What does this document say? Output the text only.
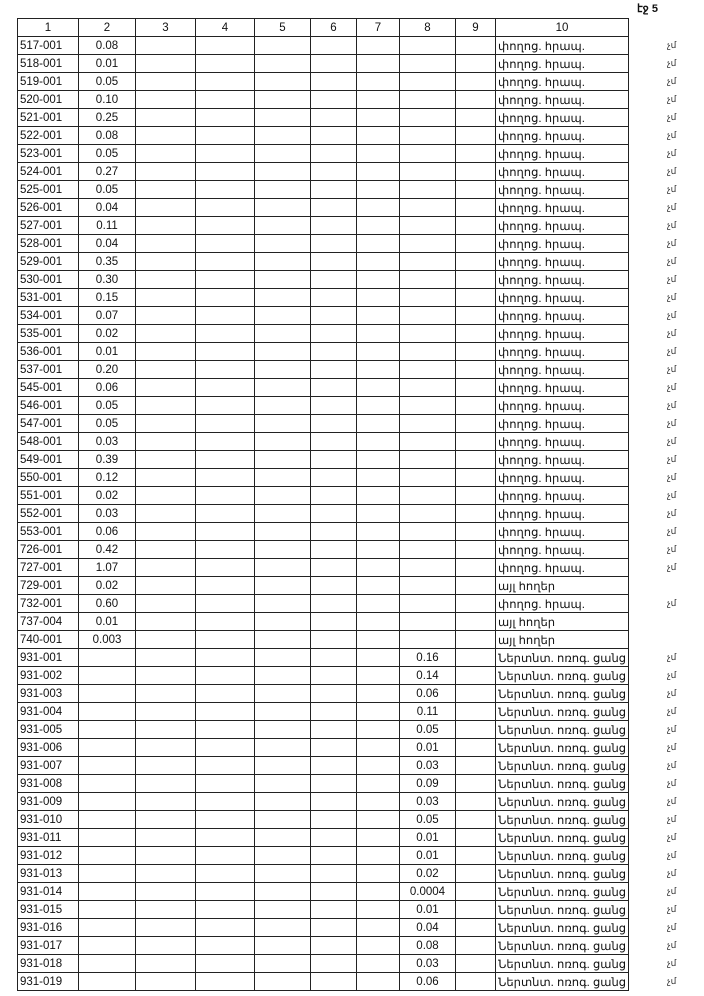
էջ 5
1	2	3	4	5	6	7	8	9	10
517-001	0.08								փողոց. հրապ.
518-001	0.01								փողոց. հրապ.
519-001	0.05								փողոց. հրապ.
520-001	0.10								փողոց. հրապ.
521-001	0.25								փողոց. հրապ.
522-001	0.08								փողոց. հրապ.
523-001	0.05								փողոց. հրապ.
524-001	0.27								փողոց. հրապ.
525-001	0.05								փողոց. հրապ.
526-001	0.04								փողոց. հրապ.
527-001	0.11								փողոց. հրապ.
528-001	0.04								փողոց. հրապ.
529-001	0.35								փողոց. հրապ.
530-001	0.30								փողոց. հրապ.
531-001	0.15								փողոց. հրապ.
534-001	0.07								փողոց. հրապ.
535-001	0.02								փողոց. հրապ.
536-001	0.01								փողոց. հրապ.
537-001	0.20								փողոց. հրապ.
545-001	0.06								փողոց. հրապ.
546-001	0.05								փողոց. հրապ.
547-001	0.05								փողոց. հրապ.
548-001	0.03								փողոց. հրապ.
549-001	0.39								փողոց. հրապ.
550-001	0.12								փողոց. հրապ.
551-001	0.02								փողոց. հրապ.
552-001	0.03								փողոց. հրապ.
553-001	0.06								փողոց. հրապ.
726-001	0.42								փողոց. հրապ.
727-001	1.07								փողոց. հրապ.
729-001	0.02								այլ հողեր
732-001	0.60								փողոց. հրապ.
737-004	0.01								այլ հողեր
740-001	0.003								այլ հողեր
931-001							0.16		Ներտնտ. ոռոգ. ցանց
931-002							0.14		Ներտնտ. ոռոգ. ցանց
931-003							0.06		Ներտնտ. ոռոգ. ցանց
931-004							0.11		Ներտնտ. ոռոգ. ցանց
931-005							0.05		Ներտնտ. ոռոգ. ցանց
931-006							0.01		Ներտնտ. ոռոգ. ցանց
931-007							0.03		Ներտնտ. ոռոգ. ցանց
931-008							0.09		Ներտնտ. ոռոգ. ցանց
931-009							0.03		Ներտնտ. ոռոգ. ցանց
931-010							0.05		Ներտնտ. ոռոգ. ցանց
931-011							0.01		Ներտնտ. ոռոգ. ցանց
931-012							0.01		Ներտնտ. ոռոգ. ցանց
931-013							0.02		Ներտնտ. ոռոգ. ցանց
931-014							0.0004		Ներտնտ. ոռոգ. ցանց
931-015							0.01		Ներտնտ. ոռոգ. ցանց
931-016							0.04		Ներտնտ. ոռոգ. ցանց
931-017							0.08		Ներտնտ. ոռոգ. ցանց
931-018							0.03		Ներտնտ. ոռոգ. ցանց
931-019							0.06		Ներտնտ. ոռոգ. ցանց
չմ
չմ
չմ
չմ
չմ
չմ
չմ
չմ
չմ
չմ
չմ
չմ
չմ
չմ
չմ
չմ
չմ
չմ
չմ
չմ
չմ
չմ
չմ
չմ
չմ
չմ
չմ
չմ
չմ
չմ
չմ
չմ
չմ
չմ
չմ
չմ
չմ
չմ
չմ
չմ
չմ
չմ
չմ
չմ
չմ
չմ
չմ
չմ
չմ
չմ
